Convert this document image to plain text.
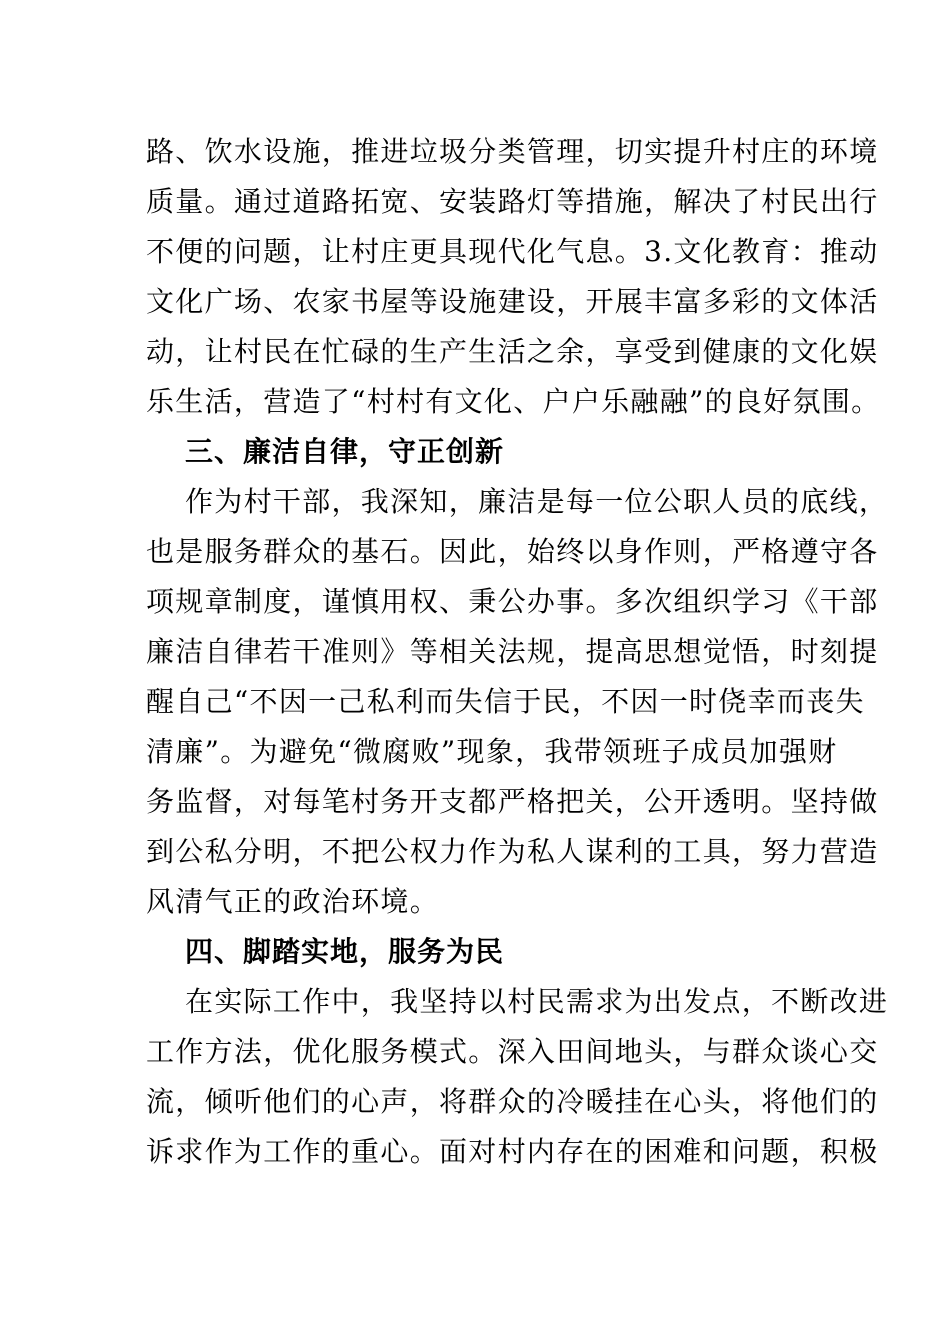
路、饮水设施，推进垃圾分类管理，切实提升村庄的环境
质量。通过道路拓宽、安装路灯等措施，解决了村民出行
不便的问题，让村庄更具现代化气息。3.文化教育：推动
文化广场、农家书屋等设施建设，开展丰富多彩的文体活
动，让村民在忙碌的生产生活之余，享受到健康的文化娱
乐生活，营造了“村村有文化、户户乐融融”的良好氛围。
三、廉洁自律，守正创新
作为村干部，我深知，廉洁是每一位公职人员的底线，
也是服务群众的基石。因此，始终以身作则，严格遵守各
项规章制度，谨慎用权、秉公办事。多次组织学习《干部
廉洁自律若干准则》等相关法规，提高思想觉悟，时刻提
醒自己“不因一己私利而失信于民，不因一时侥幸而丧失
清廉”。为避免“微腐败”现象，我带领班子成员加强财
务监督，对每笔村务开支都严格把关，公开透明。坚持做
到公私分明，不把公权力作为私人谋利的工具，努力营造
风清气正的政治环境。
四、脚踏实地，服务为民
在实际工作中，我坚持以村民需求为出发点，不断改进
工作方法，优化服务模式。深入田间地头，与群众谈心交
流，倾听他们的心声，将群众的冷暖挂在心头，将他们的
诉求作为工作的重心。面对村内存在的困难和问题，积极
